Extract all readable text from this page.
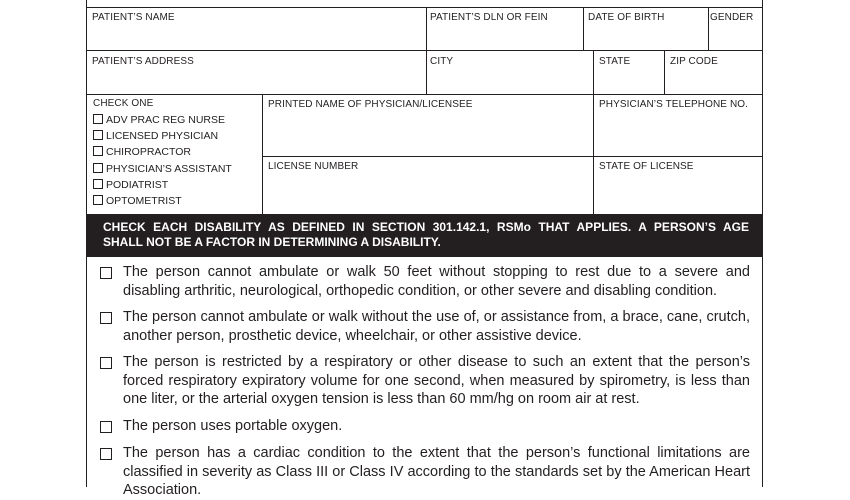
PATIENT’S NAME	PATIENT’S DLN OR FEIN	DATE OF BIRTH	GENDER
PATIENT’S ADDRESS	CITY	STATE	ZIP CODE
CHECK ONE
ADV PRAC REG NURSE
LICENSED PHYSICIAN
CHIROPRACTOR
PHYSICIAN’S ASSISTANT
PODIATRIST
OPTOMETRIST
PRINTED NAME OF PHYSICIAN/LICENSEE	PHYSICIAN’S TELEPHONE NO.
LICENSE NUMBER	STATE OF LICENSE
CHECK EACH DISABILITY AS DEFINED IN SECTION 301.142.1, RSMo THAT APPLIES. A PERSON’S AGE
SHALL NOT BE A FACTOR IN DETERMINING A DISABILITY.
The person cannot ambulate or walk 50 feet without stopping to rest due to a severe and disabling arthritic, neurological, orthopedic condition, or other severe and disabling condition.
The person cannot ambulate or walk without the use of, or assistance from, a brace, cane, crutch, another person, prosthetic device, wheelchair, or other assistive device.
The person is restricted by a respiratory or other disease to such an extent that the person’s forced respiratory expiratory volume for one second, when measured by spirometry, is less than one liter, or the arterial oxygen tension is less than 60 mm/hg on room air at rest.
The person uses portable oxygen.
The person has a cardiac condition to the extent that the person’s functional limitations are classified in severity as Class III or Class IV according to the standards set by the American Heart Association.
